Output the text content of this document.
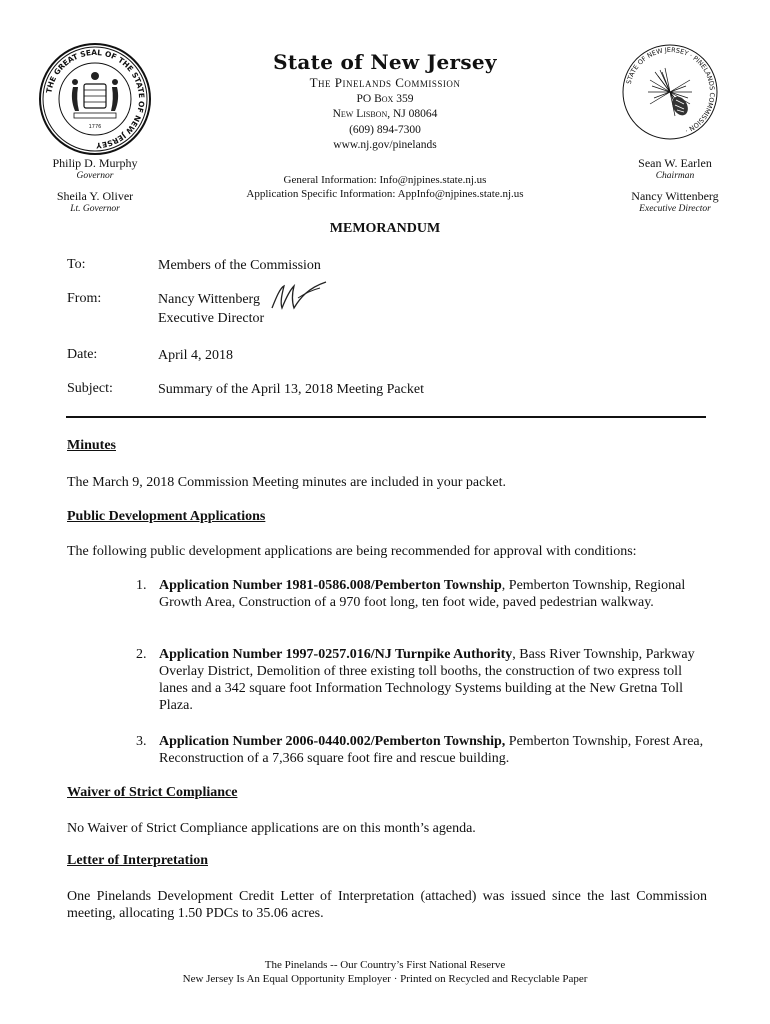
THE GREAT SEAL OF THE STATE OF NEW JERSEY
1776
STATE OF NEW JERSEY · PINELANDS COMMISSION ·
State of New Jersey
The Pinelands Commission
PO Box 359
New Lisbon, NJ 08064
(609) 894-7300
www.nj.gov/pinelands
General Information: Info@njpines.state.nj.us
Application Specific Information: AppInfo@njpines.state.nj.us
Philip D. Murphy
Governor
Sheila Y. Oliver
Lt. Governor
Sean W. Earlen
Chairman
Nancy Wittenberg
Executive Director
MEMORANDUM
To:	Members of the Commission
From:	Nancy Wittenberg
Executive Director
Date:	April 4, 2018
Subject:	Summary of the April 13, 2018 Meeting Packet
Minutes
The March 9, 2018 Commission Meeting minutes are included in your packet.
Public Development Applications
The following public development applications are being recommended for approval with conditions:
1. Application Number 1981-0586.008/Pemberton Township, Pemberton Township, Regional Growth Area, Construction of a 970 foot long, ten foot wide, paved pedestrian walkway.
2. Application Number 1997-0257.016/NJ Turnpike Authority, Bass River Township, Parkway Overlay District, Demolition of three existing toll booths, the construction of two express toll lanes and a 342 square foot Information Technology Systems building at the New Gretna Toll Plaza.
3. Application Number 2006-0440.002/Pemberton Township, Pemberton Township, Forest Area, Reconstruction of a 7,366 square foot fire and rescue building.
Waiver of Strict Compliance
No Waiver of Strict Compliance applications are on this month’s agenda.
Letter of Interpretation
One Pinelands Development Credit Letter of Interpretation (attached) was issued since the last Commission meeting, allocating 1.50 PDCs to 35.06 acres.
The Pinelands -- Our Country’s First National Reserve
New Jersey Is An Equal Opportunity Employer · Printed on Recycled and Recyclable Paper
